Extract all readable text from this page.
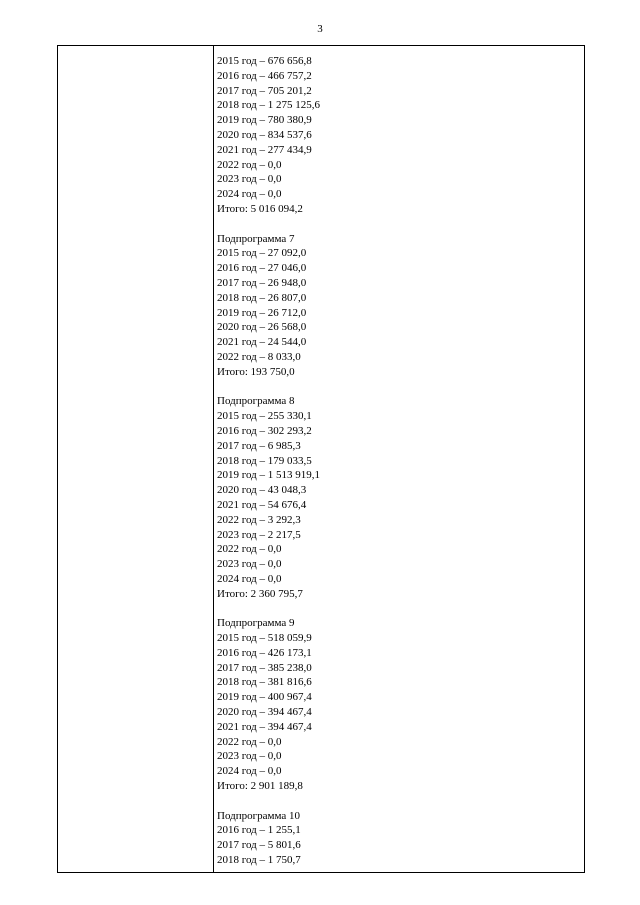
3
2015 год – 676 656,8
2016 год – 466 757,2
2017 год – 705 201,2
2018 год – 1 275 125,6
2019 год – 780 380,9
2020 год – 834 537,6
2021 год – 277 434,9
2022 год – 0,0
2023 год – 0,0
2024 год – 0,0
Итого: 5 016 094,2
Подпрограмма 7
2015 год – 27 092,0
2016 год – 27 046,0
2017 год – 26 948,0
2018 год – 26 807,0
2019 год – 26 712,0
2020 год – 26 568,0
2021 год – 24 544,0
2022 год – 8 033,0
Итого: 193 750,0
Подпрограмма 8
2015 год – 255 330,1
2016 год – 302 293,2
2017 год – 6 985,3
2018 год – 179 033,5
2019 год – 1 513 919,1
2020 год – 43 048,3
2021 год – 54 676,4
2022 год – 3 292,3
2023 год – 2 217,5
2022 год – 0,0
2023 год – 0,0
2024 год – 0,0
Итого: 2 360 795,7
Подпрограмма 9
2015 год – 518 059,9
2016 год – 426 173,1
2017 год – 385 238,0
2018 год – 381 816,6
2019 год – 400 967,4
2020 год – 394 467,4
2021 год – 394 467,4
2022 год – 0,0
2023 год – 0,0
2024 год – 0,0
Итого: 2 901 189,8
Подпрограмма 10
2016 год – 1 255,1
2017 год – 5 801,6
2018 год – 1 750,7
